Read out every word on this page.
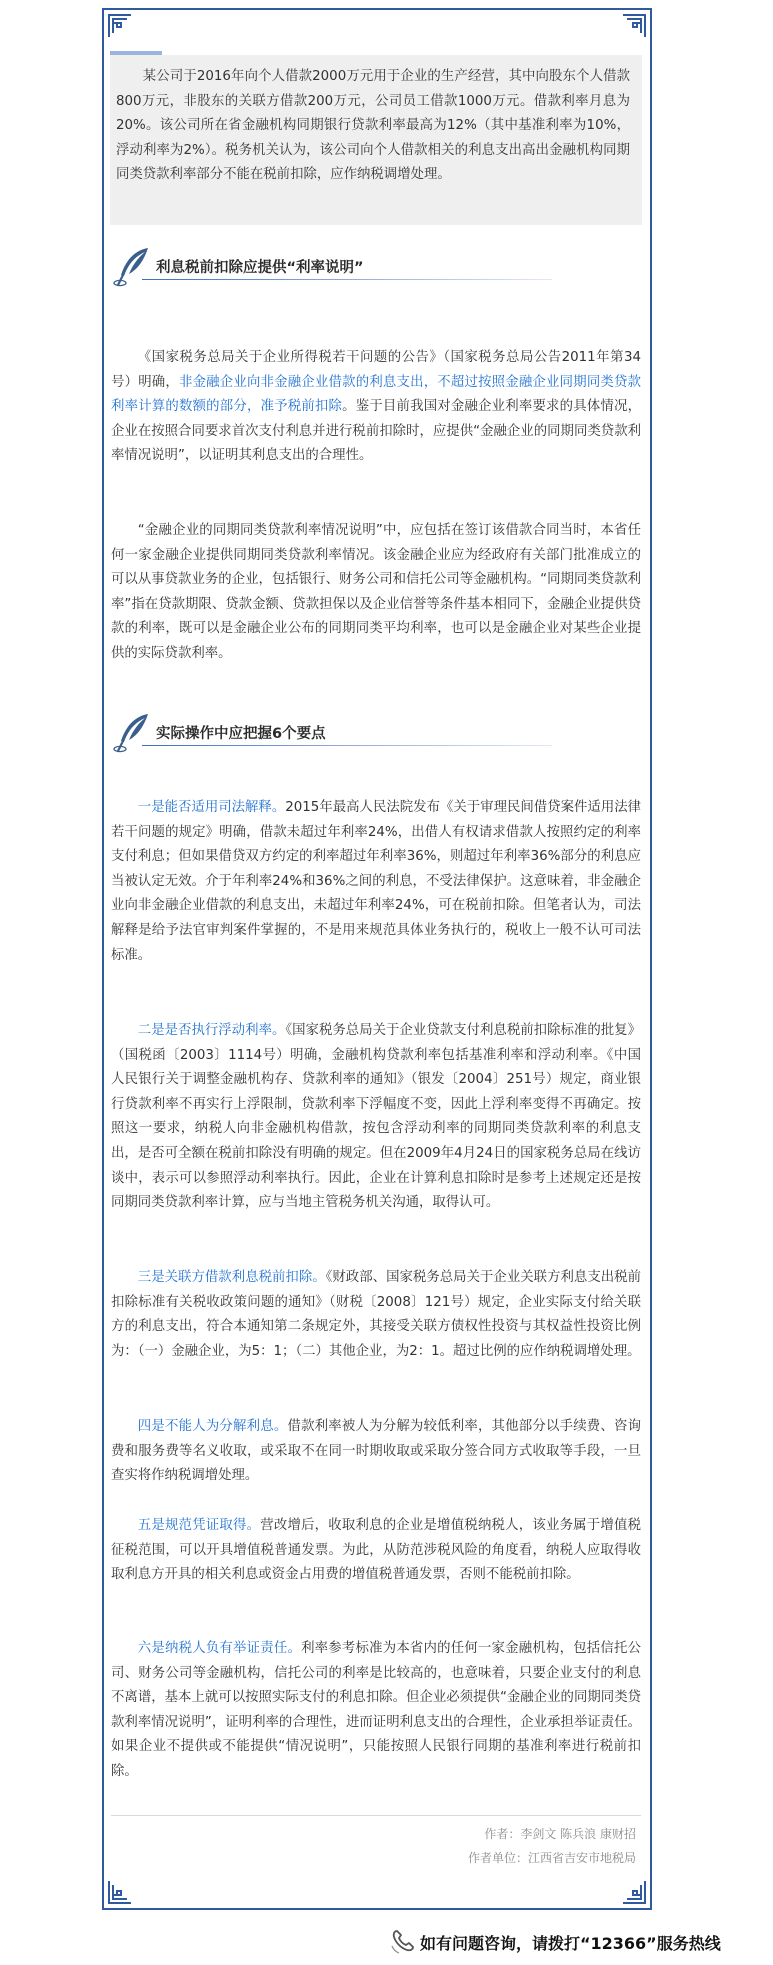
某公司于2016年向个人借款2000万元用于企业的生产经营，其中向股东个人借款800万元，非股东的关联方借款200万元，公司员工借款1000万元。借款利率月息为20%。该公司所在省金融机构同期银行贷款利率最高为12%（其中基准利率为10%，浮动利率为2%）。税务机关认为，该公司向个人借款相关的利息支出高出金融机构同期同类贷款利率部分不能在税前扣除，应作纳税调增处理。

利息税前扣除应提供“利率说明”

《国家税务总局关于企业所得税若干问题的公告》（国家税务总局公告2011年第34号）明确，非金融企业向非金融企业借款的利息支出，不超过按照金融企业同期同类贷款利率计算的数额的部分，准予税前扣除。鉴于目前我国对金融企业利率要求的具体情况，企业在按照合同要求首次支付利息并进行税前扣除时，应提供“金融企业的同期同类贷款利率情况说明”，以证明其利息支出的合理性。

“金融企业的同期同类贷款利率情况说明”中，应包括在签订该借款合同当时，本省任何一家金融企业提供同期同类贷款利率情况。该金融企业应为经政府有关部门批准成立的可以从事贷款业务的企业，包括银行、财务公司和信托公司等金融机构。“同期同类贷款利率”指在贷款期限、贷款金额、贷款担保以及企业信誉等条件基本相同下，金融企业提供贷款的利率，既可以是金融企业公布的同期同类平均利率，也可以是金融企业对某些企业提供的实际贷款利率。

实际操作中应把握6个要点

一是能否适用司法解释。2015年最高人民法院发布《关于审理民间借贷案件适用法律若干问题的规定》明确，借款未超过年利率24%，出借人有权请求借款人按照约定的利率支付利息；但如果借贷双方约定的利率超过年利率36%，则超过年利率36%部分的利息应当被认定无效。介于年利率24%和36%之间的利息，不受法律保护。这意味着，非金融企业向非金融企业借款的利息支出，未超过年利率24%，可在税前扣除。但笔者认为，司法解释是给予法官审判案件掌握的，不是用来规范具体业务执行的，税收上一般不认可司法标准。

二是是否执行浮动利率。《国家税务总局关于企业贷款支付利息税前扣除标准的批复》（国税函〔2003〕1114号）明确，金融机构贷款利率包括基准利率和浮动利率。《中国人民银行关于调整金融机构存、贷款利率的通知》（银发〔2004〕251号）规定，商业银行贷款利率不再实行上浮限制，贷款利率下浮幅度不变，因此上浮利率变得不再确定。按照这一要求，纳税人向非金融机构借款，按包含浮动利率的同期同类贷款利率的利息支出，是否可全额在税前扣除没有明确的规定。但在2009年4月24日的国家税务总局在线访谈中，表示可以参照浮动利率执行。因此，企业在计算利息扣除时是参考上述规定还是按同期同类贷款利率计算，应与当地主管税务机关沟通，取得认可。

三是关联方借款利息税前扣除。《财政部、国家税务总局关于企业关联方利息支出税前扣除标准有关税收政策问题的通知》（财税〔2008〕121号）规定，企业实际支付给关联方的利息支出，符合本通知第二条规定外，其接受关联方债权性投资与其权益性投资比例为：（一）金融企业，为5：1；（二）其他企业，为2：1。超过比例的应作纳税调增处理。

四是不能人为分解利息。借款利率被人为分解为较低利率，其他部分以手续费、咨询费和服务费等名义收取，或采取不在同一时期收取或采取分签合同方式收取等手段，一旦查实将作纳税调增处理。

五是规范凭证取得。营改增后，收取利息的企业是增值税纳税人，该业务属于增值税征税范围，可以开具增值税普通发票。为此，从防范涉税风险的角度看，纳税人应取得收取利息方开具的相关利息或资金占用费的增值税普通发票，否则不能税前扣除。

六是纳税人负有举证责任。利率参考标准为本省内的任何一家金融机构，包括信托公司、财务公司等金融机构，信托公司的利率是比较高的，也意味着，只要企业支付的利息不离谱，基本上就可以按照实际支付的利息扣除。但企业必须提供“金融企业的同期同类贷款利率情况说明”，证明利率的合理性，进而证明利息支出的合理性，企业承担举证责任。如果企业不提供或不能提供“情况说明”，只能按照人民银行同期的基准利率进行税前扣除。

作者：李剑文 陈兵浪 康财招
作者单位：江西省吉安市地税局
如有问题咨询，请拨打“12366”服务热线
